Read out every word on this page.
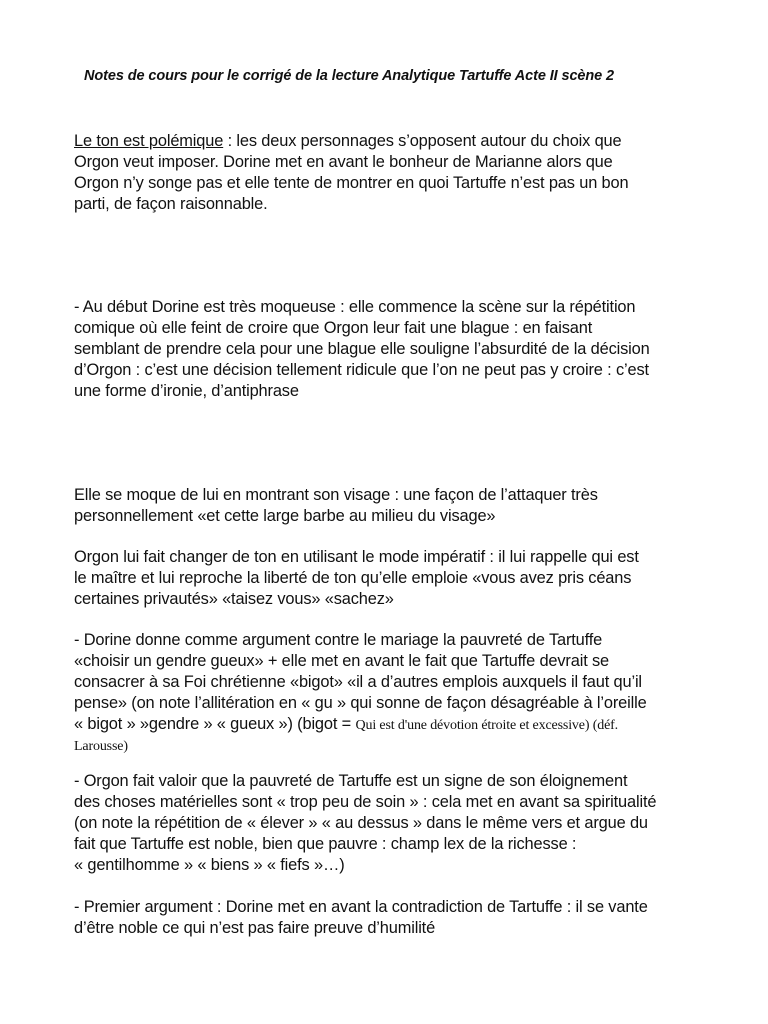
Notes de cours pour le corrigé de la lecture Analytique Tartuffe Acte II scène 2
Le ton est polémique : les deux personnages s’opposent autour du choix que
Orgon veut imposer. Dorine met en avant le bonheur de Marianne alors que
Orgon n’y songe pas et elle tente de montrer en quoi Tartuffe n’est pas un bon
parti, de façon raisonnable.
- Au début Dorine est très moqueuse : elle commence la scène sur la répétition
comique où elle feint de croire que Orgon leur fait une blague : en faisant
semblant de prendre cela pour une blague elle souligne l’absurdité de la décision
d’Orgon : c’est une décision tellement ridicule que l’on ne peut pas y croire : c’est
une forme d’ironie, d’antiphrase
Elle se moque de lui en montrant son visage : une façon de l’attaquer très
personnellement «et cette large barbe au milieu du visage»
Orgon lui fait changer de ton en utilisant le mode impératif : il lui rappelle qui est
le maître et lui reproche la liberté de ton qu’elle emploie «vous avez pris céans
certaines privautés» «taisez vous» «sachez»
- Dorine donne comme argument contre le mariage la pauvreté de Tartuffe
«choisir un gendre gueux» + elle met en avant le fait que Tartuffe devrait se
consacrer à sa Foi chrétienne «bigot» «il a d’autres emplois auxquels il faut qu’il
pense» (on note l’allitération en « gu » qui sonne de façon désagréable à l’oreille
« bigot » »gendre » « gueux ») (bigot = Qui est d'une dévotion étroite et excessive) (déf.
Larousse)
- Orgon fait valoir que la pauvreté de Tartuffe est un signe de son éloignement
des choses matérielles sont « trop peu de soin » : cela met en avant sa spiritualité
(on note la répétition de « élever » « au dessus » dans le même vers et argue du
fait que Tartuffe est noble, bien que pauvre : champ lex de la richesse :
« gentilhomme » « biens » « fiefs »…)
- Premier argument : Dorine met en avant la contradiction de Tartuffe : il se vante
d’être noble ce qui n’est pas faire preuve d’humilité
